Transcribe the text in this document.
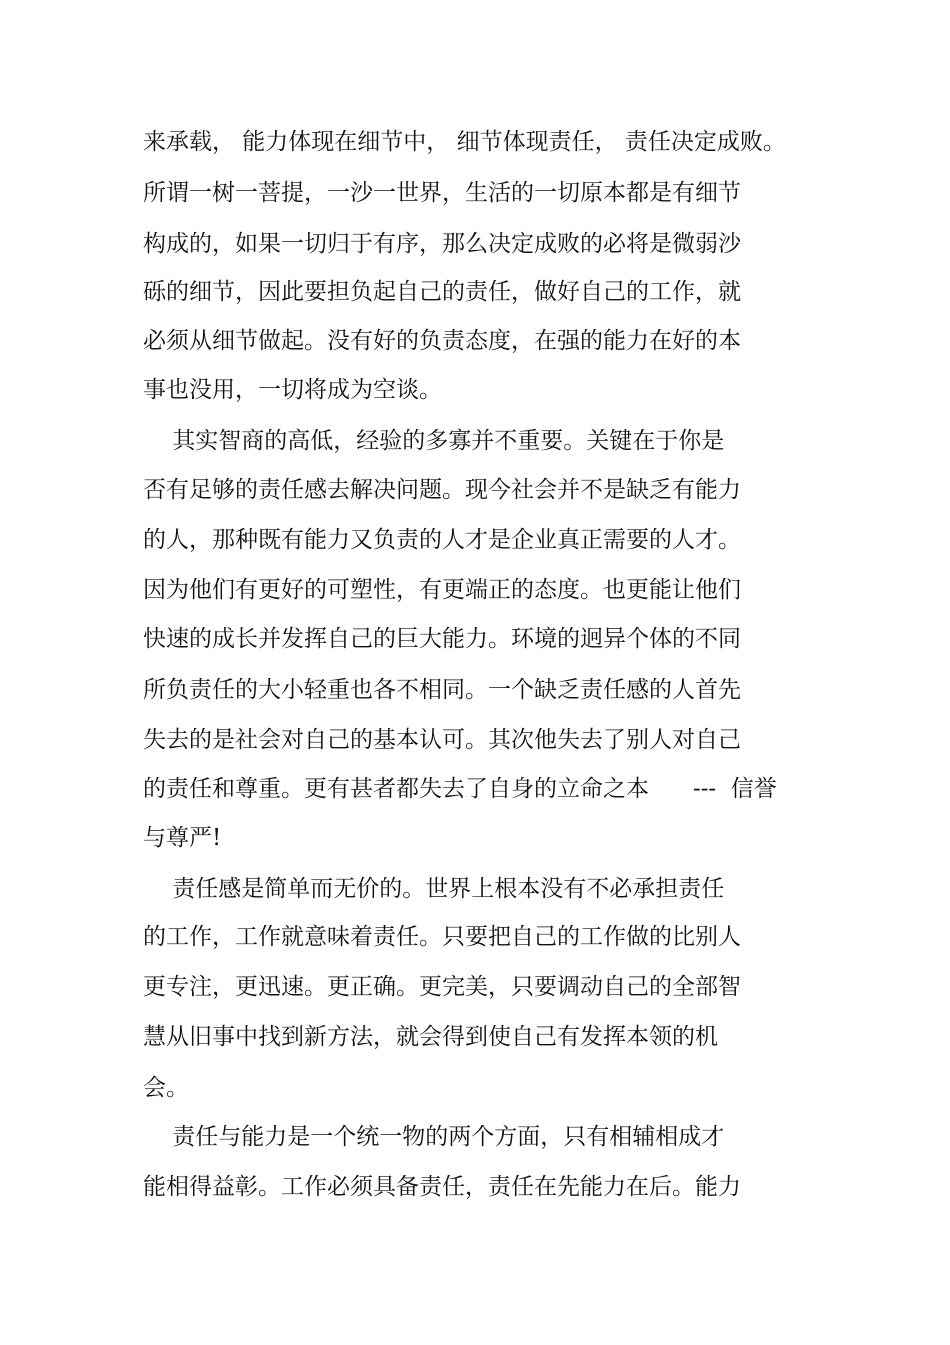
来承载， 能力体现在细节中， 细节体现责任， 责任决定成败。
所谓一树一菩提，一沙一世界，生活的一切原本都是有细节
构成的，如果一切归于有序，那么决定成败的必将是微弱沙
砾的细节，因此要担负起自己的责任，做好自己的工作，就
必须从细节做起。没有好的负责态度，在强的能力在好的本
事也没用，一切将成为空谈。
其实智商的高低，经验的多寡并不重要。关键在于你是
否有足够的责任感去解决问题。现今社会并不是缺乏有能力
的人，那种既有能力又负责的人才是企业真正需要的人才。
因为他们有更好的可塑性，有更端正的态度。也更能让他们
快速的成长并发挥自己的巨大能力。环境的迥异个体的不同
所负责任的大小轻重也各不相同。一个缺乏责任感的人首先
失去的是社会对自己的基本认可。其次他失去了别人对自己
的责任和尊重。更有甚者都失去了自身的立命之本      ---  信誉
与尊严!
责任感是简单而无价的。世界上根本没有不必承担责任
的工作，工作就意味着责任。只要把自己的工作做的比别人
更专注，更迅速。更正确。更完美，只要调动自己的全部智
慧从旧事中找到新方法，就会得到使自己有发挥本领的机
会。
责任与能力是一个统一物的两个方面，只有相辅相成才
能相得益彰。工作必须具备责任，责任在先能力在后。能力
